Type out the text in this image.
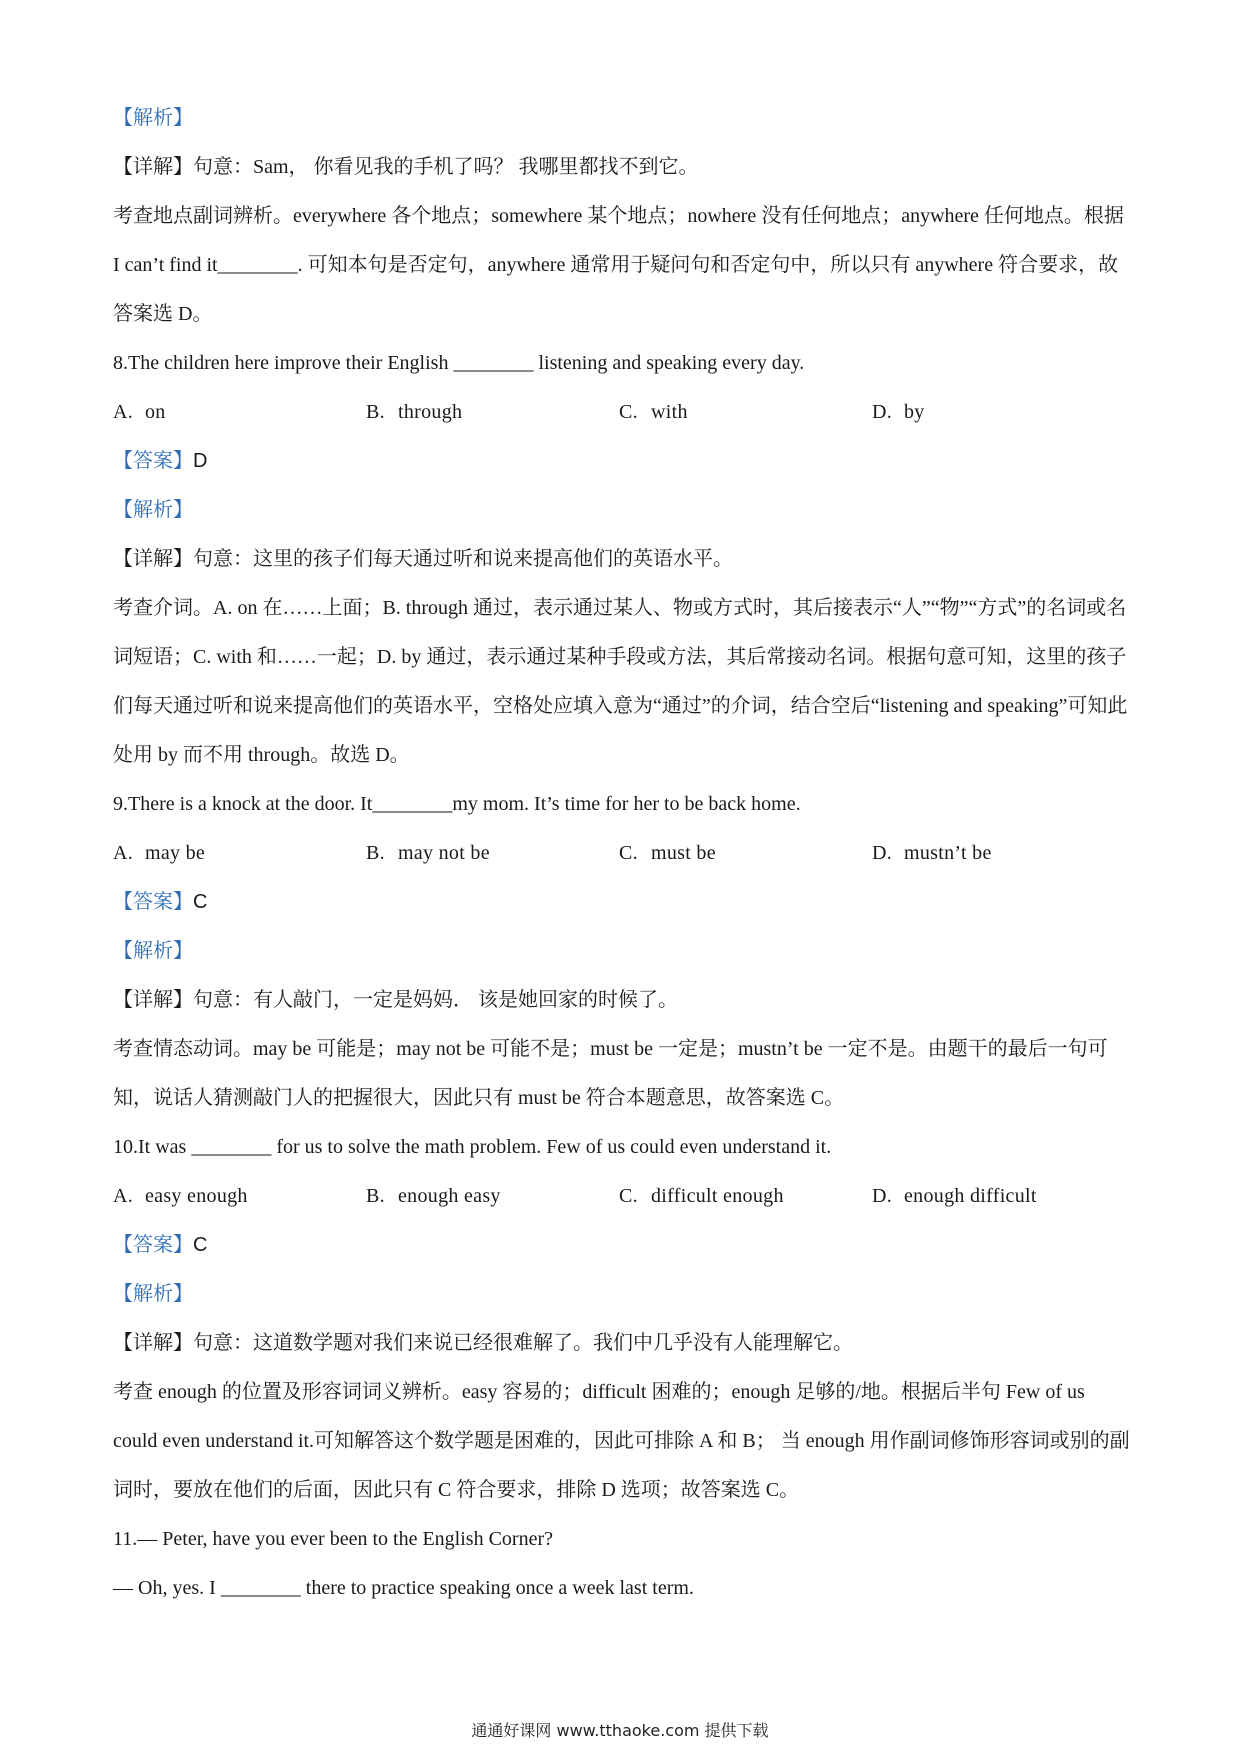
【解析】
【详解】句意：Sam， 你看见我的手机了吗？ 我哪里都找不到它。
考查地点副词辨析。everywhere 各个地点；somewhere 某个地点；nowhere 没有任何地点；anywhere 任何地点。根据 I can’t find it________. 可知本句是否定句，anywhere 通常用于疑问句和否定句中，所以只有 anywhere 符合要求，故答案选 D。
8.The children here improve their English ________ listening and speaking every day.
A. on	B. through	C. with	D. by
【答案】D
【解析】
【详解】句意：这里的孩子们每天通过听和说来提高他们的英语水平。
考查介词。A. on 在……上面；B. through 通过，表示通过某人、物或方式时，其后接表示“人”“物”“方式”的名词或名词短语；C. with 和……一起；D. by 通过，表示通过某种手段或方法，其后常接动名词。根据句意可知，这里的孩子们每天通过听和说来提高他们的英语水平，空格处应填入意为“通过”的介词，结合空后“listening and speaking”可知此处用 by 而不用 through。故选 D。
9.There is a knock at the door. It________my mom. It’s time for her to be back home.
A. may be	B. may not be	C. must be	D. mustn’t be
【答案】C
【解析】
【详解】句意：有人敲门，一定是妈妈． 该是她回家的时候了。
考查情态动词。may be 可能是；may not be 可能不是；must be 一定是；mustn’t be 一定不是。由题干的最后一句可知，说话人猜测敲门人的把握很大，因此只有 must be 符合本题意思，故答案选 C。
10.It was ________ for us to solve the math problem. Few of us could even understand it.
A. easy enough	B. enough easy	C. difficult enough	D. enough difficult
【答案】C
【解析】
【详解】句意：这道数学题对我们来说已经很难解了。我们中几乎没有人能理解它。
考查 enough 的位置及形容词词义辨析。easy 容易的；difficult 困难的；enough 足够的/地。根据后半句 Few of us could even understand it.可知解答这个数学题是困难的，因此可排除 A 和 B； 当 enough 用作副词修饰形容词或别的副词时，要放在他们的后面，因此只有 C 符合要求，排除 D 选项；故答案选 C。
11.— Peter, have you ever been to the English Corner?
— Oh, yes. I ________ there to practice speaking once a week last term.
通通好课网 www.tthaoke.com 提供下载
